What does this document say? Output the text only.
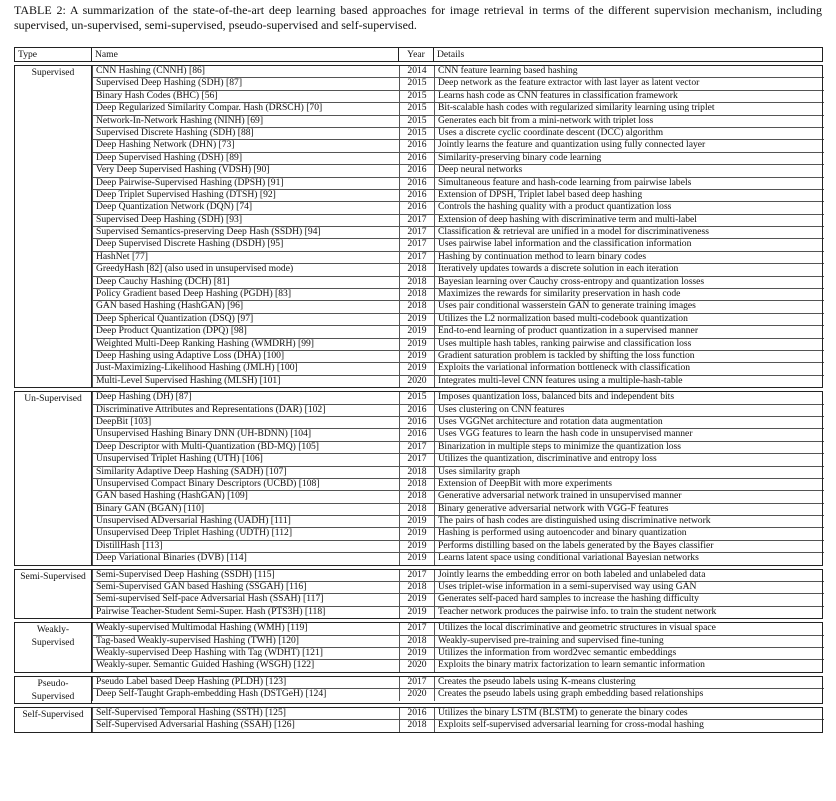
TABLE 2: A summarization of the state-of-the-art deep learning based approaches for image retrieval in terms of the different supervision mechanism, including supervised, un-supervised, semi-supervised, pseudo-supervised and self-supervised.
Type	Name	Year	Details

Supervised	CNN Hashing (CNNH) [86]	2014	CNN feature learning based hashing
Supervised Deep Hashing (SDH) [87]	2015	Deep network as the feature extractor with last layer as latent vector
Binary Hash Codes (BHC) [56]	2015	Learns hash code as CNN features in classification framework
Deep Regularized Similarity Compar. Hash (DRSCH) [70]	2015	Bit-scalable hash codes with regularized similarity learning using triplet
Network-In-Network Hashing (NINH) [69]	2015	Generates each bit from a mini-network with triplet loss
Supervised Discrete Hashing (SDH) [88]	2015	Uses a discrete cyclic coordinate descent (DCC) algorithm
Deep Hashing Network (DHN) [73]	2016	Jointly learns the feature and quantization using fully connected layer
Deep Supervised Hashing (DSH) [89]	2016	Similarity-preserving binary code learning
Very Deep Supervised Hashing (VDSH) [90]	2016	Deep neural networks
Deep Pairwise-Supervised Hashing (DPSH) [91]	2016	Simultaneous feature and hash-code learning from pairwise labels
Deep Triplet Supervised Hashing (DTSH) [92]	2016	Extension of DPSH, Triplet label based deep hashing
Deep Quantization Network (DQN) [74]	2016	Controls the hashing quality with a product quantization loss
Supervised Deep Hashing (SDH) [93]	2017	Extension of deep hashing with discriminative term and multi-label
Supervised Semantics-preserving Deep Hash (SSDH) [94]	2017	Classification & retrieval are unified in a model for discriminativeness
Deep Supervised Discrete Hashing (DSDH) [95]	2017	Uses pairwise label information and the classification information
HashNet [77]	2017	Hashing by continuation method to learn binary codes
GreedyHash [82] (also used in unsupervised mode)	2018	Iteratively updates towards a discrete solution in each iteration
Deep Cauchy Hashing (DCH) [81]	2018	Bayesian learning over Cauchy cross-entropy and quantization losses
Policy Gradient based Deep Hashing (PGDH) [83]	2018	Maximizes the rewards for similarity preservation in hash code
GAN based Hashing (HashGAN) [96]	2018	Uses pair conditional wasserstein GAN to generate training images
Deep Spherical Quantization (DSQ) [97]	2019	Utilizes the L2 normalization based multi-codebook quantization
Deep Product Quantization (DPQ) [98]	2019	End-to-end learning of product quantization in a supervised manner
Weighted Multi-Deep Ranking Hashing (WMDRH) [99]	2019	Uses multiple hash tables, ranking pairwise and classification loss
Deep Hashing using Adaptive Loss (DHA) [100]	2019	Gradient saturation problem is tackled by shifting the loss function
Just-Maximizing-Likelihood Hashing (JMLH) [100]	2019	Exploits the variational information bottleneck with classification
Multi-Level Supervised Hashing (MLSH) [101]	2020	Integrates multi-level CNN features using a multiple-hash-table

Un-Supervised	Deep Hashing (DH) [87]	2015	Imposes quantization loss, balanced bits and independent bits
Discriminative Attributes and Representations (DAR) [102]	2016	Uses clustering on CNN features
DeepBit [103]	2016	Uses VGGNet architecture and rotation data augmentation
Unsupervised Hashing Binary DNN (UH-BDNN) [104]	2016	Uses VGG features to learn the hash code in unsupervised manner
Deep Descriptor with Multi-Quantization (BD-MQ) [105]	2017	Binarization in multiple steps to minimize the quantization loss
Unsupervised Triplet Hashing (UTH) [106]	2017	Utilizes the quantization, discriminative and entropy loss
Similarity Adaptive Deep Hashing (SADH) [107]	2018	Uses similarity graph
Unsupervised Compact Binary Descriptors (UCBD) [108]	2018	Extension of DeepBit with more experiments
GAN based Hashing (HashGAN) [109]	2018	Generative adversarial network trained in unsupervised manner
Binary GAN (BGAN) [110]	2018	Binary generative adversarial network with VGG-F features
Unsupervised ADversarial Hashing (UADH) [111]	2019	The pairs of hash codes are distinguished using discriminative network
Unsupervised Deep Triplet Hashing (UDTH) [112]	2019	Hashing is performed using autoencoder and binary quantization
DistillHash [113]	2019	Performs distilling based on the labels generated by the Bayes classifier
Deep Variational Binaries (DVB) [114]	2019	Learns latent space using conditional variational Bayesian networks

Semi-Supervised	Semi-Supervised Deep Hashing (SSDH) [115]	2017	Jointly learns the embedding error on both labeled and unlabeled data
Semi-Supervised GAN based Hashing (SSGAH) [116]	2018	Uses triplet-wise information in a semi-supervised way using GAN
Semi-supervised Self-pace Adversarial Hash (SSAH) [117]	2019	Generates self-paced hard samples to increase the hashing difficulty
Pairwise Teacher-Student Semi-Super. Hash (PTS3H) [118]	2019	Teacher network produces the pairwise info. to train the student network

Weakly-Supervised	
Weakly-supervised Multimodal Hashing (WMH) [119]	2017	Utilizes the local discriminative and geometric structures in visual space
Tag-based Weakly-supervised Hashing (TWH) [120]	2018	Weakly-supervised pre-training and supervised fine-tuning
Weakly-supervised Deep Hashing with Tag (WDHT) [121]	2019	Utilizes the information from word2vec semantic embeddings
Weakly-super. Semantic Guided Hashing (WSGH) [122]	2020	Exploits the binary matrix factorization to learn semantic information

Pseudo-Supervised	
Pseudo Label based Deep Hashing (PLDH) [123]	2017	Creates the pseudo labels using K-means clustering
Deep Self-Taught Graph-embedding Hash (DSTGeH) [124]	2020	Creates the pseudo labels using graph embedding based relationships

Self-Supervised	Self-Supervised Temporal Hashing (SSTH) [125]	2016	Utilizes the binary LSTM (BLSTM) to generate the binary codes
Self-Supervised Adversarial Hashing (SSAH) [126]	2018	Exploits self-supervised adversarial learning for cross-modal hashing
